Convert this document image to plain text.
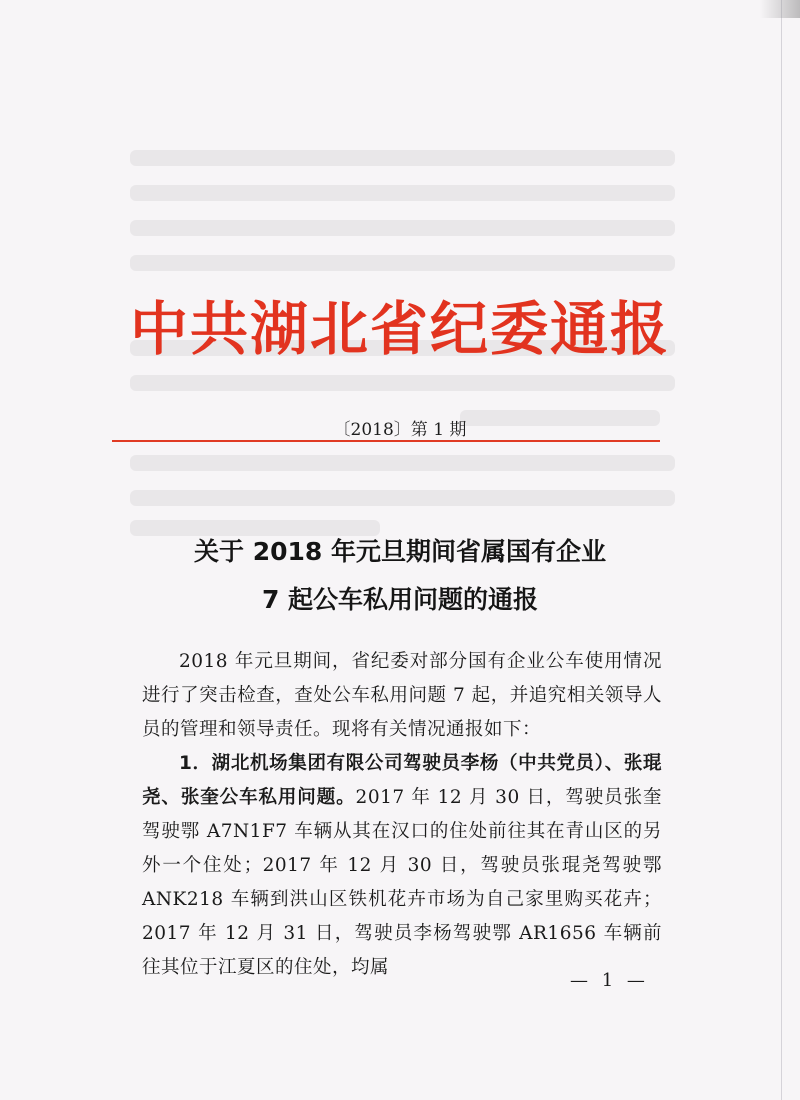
中共湖北省纪委通报
〔2018〕第 1 期
关于 2018 年元旦期间省属国有企业
7 起公车私用问题的通报

2018 年元旦期间，省纪委对部分国有企业公车使用情况进行了突击检查，查处公车私用问题 7 起，并追究相关领导人员的管理和领导责任。现将有关情况通报如下：

1．湖北机场集团有限公司驾驶员李杨（中共党员）、张琨尧、张奎公车私用问题。2017 年 12 月 30 日，驾驶员张奎驾驶鄂 A7N1F7 车辆从其在汉口的住处前往其在青山区的另外一个住处；2017 年 12 月 30 日，驾驶员张琨尧驾驶鄂 ANK218 车辆到洪山区铁机花卉市场为自己家里购买花卉；2017 年 12 月 31 日，驾驶员李杨驾驶鄂 AR1656 车辆前往其位于江夏区的住处，均属

— 1 —
